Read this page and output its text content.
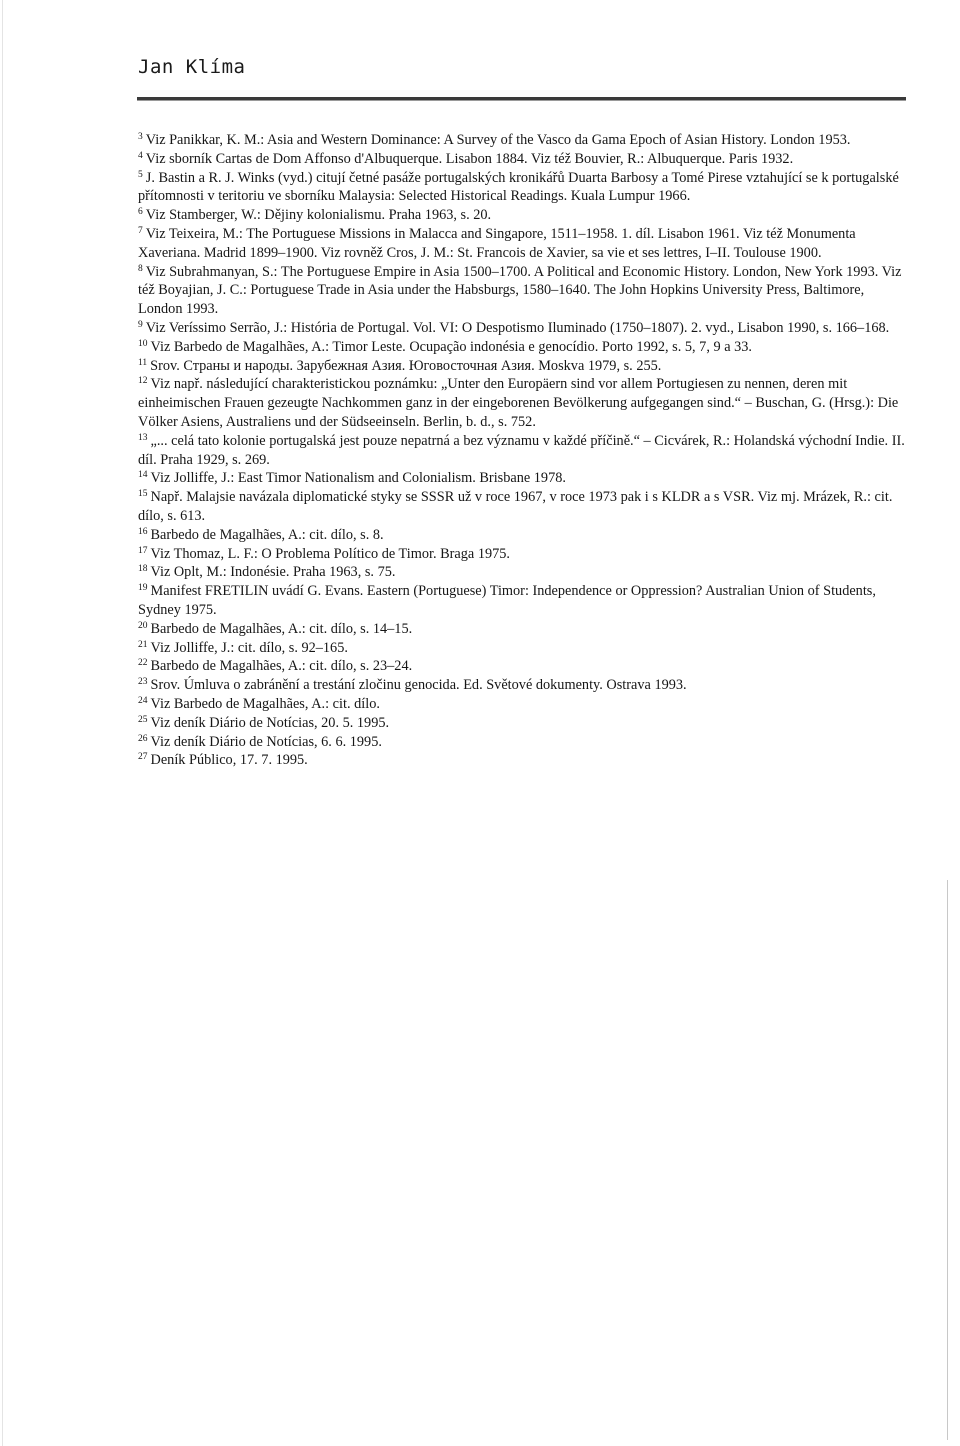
Jan Klíma

$^3$ Viz Panikkar, K. M.: Asia and Western Dominance: A Survey of the Vasco da Gama Epoch of Asian History. London 1953.

$^4$ Viz sborník Cartas de Dom Affonso d'Albuquerque. Lisabon 1884. Viz též Bouvier, R.: Albuquerque. Paris 1932.

$^5$ J. Bastin a R. J. Winks (vyd.) citují četné pasáže portugalských kronikářů Duarta Barbosy a Tomé Pirese vztahující se k portugalské přítomnosti v teritoriu ve sborníku Malaysia: Selected Historical Readings. Kuala Lumpur 1966.

$^6$ Viz Stamberger, W.: Dějiny kolonialismu. Praha 1963, s. 20.

$^7$ Viz Teixeira, M.: The Portuguese Missions in Malacca and Singapore, 1511–1958. 1. díl. Lisabon 1961. Viz též Monumenta Xaveriana. Madrid 1899–1900. Viz rovněž Cros, J. M.: St. Francois de Xavier, sa vie et ses lettres, I–II. Toulouse 1900.

$^8$ Viz Subrahmanyan, S.: The Portuguese Empire in Asia 1500–1700. A Political and Economic History. London, New York 1993. Viz též Boyajian, J. C.: Portuguese Trade in Asia under the Habsburgs, 1580–1640. The John Hopkins University Press, Baltimore, London 1993.

$^9$ Viz Veríssimo Serrão, J.: História de Portugal. Vol. VI: O Despotismo Iluminado (1750–1807). 2. vyd., Lisabon 1990, s. 166–168.

$^{10}$ Viz Barbedo de Magalhães, A.: Timor Leste. Ocupação indonésia e genocídio. Porto 1992, s. 5, 7, 9 a 33.

$^{11}$ Srov. Страны и народы. Зарубежная Азия. Юговосточная Азия. Moskva 1979, s. 255.

$^{12}$ Viz např. následující charakteristickou poznámku: „Unter den Europäern sind vor allem Portugiesen zu nennen, deren mit einheimischen Frauen gezeugte Nachkommen ganz in der eingeborenen Bevölkerung aufgegangen sind.“ – Buschan, G. (Hrsg.): Die Völker Asiens, Australiens und der Südseeinseln. Berlin, b. d., s. 752.

$^{13}$ „... celá tato kolonie portugalská jest pouze nepatrná a bez významu v každé příčině.“ – Cicvárek, R.: Holandská východní Indie. II. díl. Praha 1929, s. 269.

$^{14}$ Viz Jolliffe, J.: East Timor Nationalism and Colonialism. Brisbane 1978.

$^{15}$ Např. Malajsie navázala diplomatické styky se SSSR už v roce 1967, v roce 1973 pak i s KLDR a s VSR. Viz mj. Mrázek, R.: cit. dílo, s. 613.

$^{16}$ Barbedo de Magalhães, A.: cit. dílo, s. 8.

$^{17}$ Viz Thomaz, L. F.: O Problema Político de Timor. Braga 1975.

$^{18}$ Viz Oplt, M.: Indonésie. Praha 1963, s. 75.

$^{19}$ Manifest FRETILIN uvádí G. Evans. Eastern (Portuguese) Timor: Independence or Oppression? Australian Union of Students, Sydney 1975.

$^{20}$ Barbedo de Magalhães, A.: cit. dílo, s. 14–15.

$^{21}$ Viz Jolliffe, J.: cit. dílo, s. 92–165.

$^{22}$ Barbedo de Magalhães, A.: cit. dílo, s. 23–24.

$^{23}$ Srov. Úmluva o zabránění a trestání zločinu genocida. Ed. Světové dokumenty. Ostrava 1993.

$^{24}$ Viz Barbedo de Magalhães, A.: cit. dílo.

$^{25}$ Viz deník Diário de Notícias, 20. 5. 1995.

$^{26}$ Viz deník Diário de Notícias, 6. 6. 1995.

$^{27}$ Deník Público, 17. 7. 1995.
